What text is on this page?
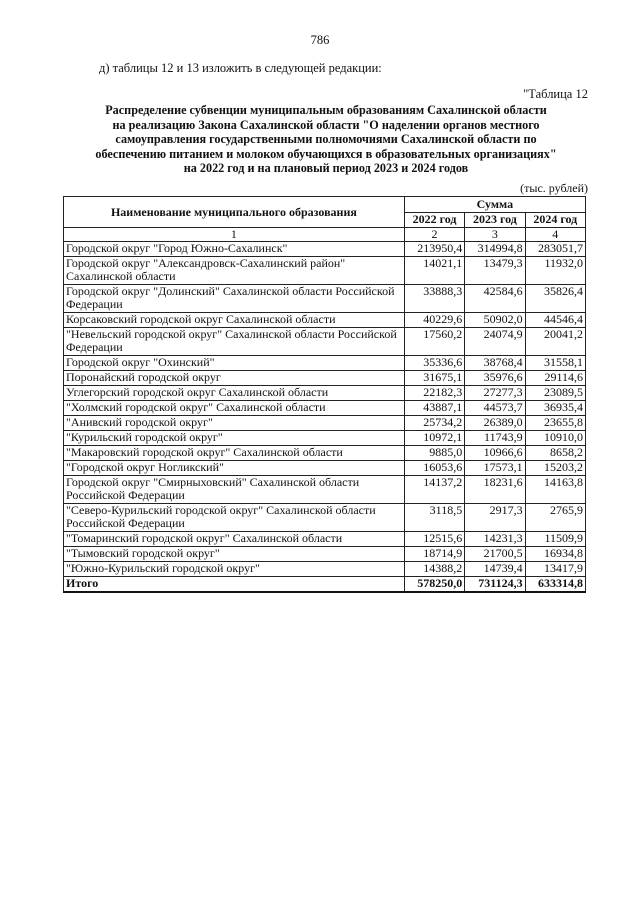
786
д) таблицы 12 и 13 изложить в следующей редакции:
"Таблица 12
Распределение субвенции муниципальным образованиям Сахалинской области
на реализацию Закона Сахалинской области "О наделении органов местного
самоуправления государственными полномочиями Сахалинской области по
обеспечению питанием и молоком обучающихся в образовательных организациях"
на 2022 год и на плановый период 2023 и 2024 годов
(тыс. рублей)
Наименование муниципального образования	Сумма		
	2022 год	2023 год	2024 год
1	2	3	4
Городской округ "Город Южно-Сахалинск"	213950,4	314994,8	283051,7
Городской округ "Александровск-Сахалинский район" Сахалинской области	14021,1	13479,3	11932,0
Городской округ "Долинский" Сахалинской области Российской Федерации	33888,3	42584,6	35826,4
Корсаковский городской округ Сахалинской области	40229,6	50902,0	44546,4
"Невельский городской округ" Сахалинской области Российской Федерации	17560,2	24074,9	20041,2
Городской округ "Охинский"	35336,6	38768,4	31558,1
Поронайский городской округ	31675,1	35976,6	29114,6
Углегорский городской округ Сахалинской области	22182,3	27277,3	23089,5
"Холмский городской округ" Сахалинской области	43887,1	44573,7	36935,4
"Анивский городской округ"	25734,2	26389,0	23655,8
"Курильский городской округ"	10972,1	11743,9	10910,0
"Макаровский городской округ" Сахалинской области	9885,0	10966,6	8658,2
"Городской округ Ногликский"	16053,6	17573,1	15203,2
Городской округ "Смирныховский" Сахалинской области Российской Федерации	14137,2	18231,6	14163,8
"Северо-Курильский городской округ" Сахалинской области Российской Федерации	3118,5	2917,3	2765,9
"Томаринский городской округ" Сахалинской области	12515,6	14231,3	11509,9
"Тымовский городской округ"	18714,9	21700,5	16934,8
"Южно-Курильский городской округ"	14388,2	14739,4	13417,9
Итого	578250,0	731124,3	633314,8
